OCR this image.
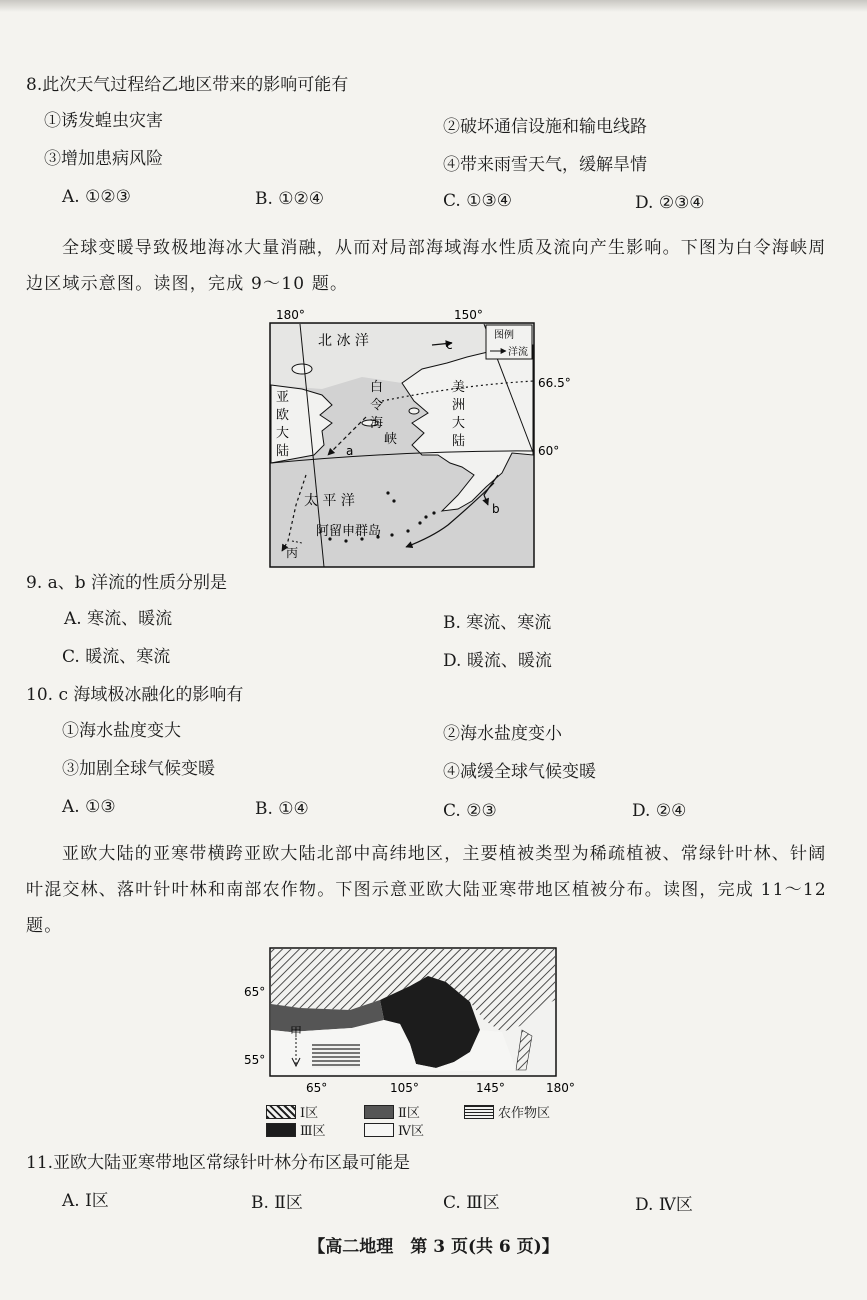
8.此次天气过程给乙地区带来的影响可能有
①诱发蝗虫灾害	②破坏通信设施和输电线路
③增加患病风险	④带来雨雪天气，缓解旱情
A. ①②③	B. ①②④	C. ①③④	D. ②③④
全球变暖导致极地海冰大量消融，从而对局部海域海水性质及流向产生影响。下图为白令海峡周边区域示意图。读图，完成 9～10 题。
图例
洋流
180°	150°
66.5°
60°
北 冰 洋	c
白
令
海
峡
美
洲
大
陆
亚
欧
大
陆	a
太 平 洋	b
阿留申群岛
丙
9. a、b 洋流的性质分别是
A. 寒流、暖流	B. 寒流、寒流
C. 暖流、寒流	D. 暖流、暖流
10. c 海域极冰融化的影响有
①海水盐度变大	②海水盐度变小
③加剧全球气候变暖	④减缓全球气候变暖
A. ①③	B. ①④	C. ②③	D. ②④
亚欧大陆的亚寒带横跨亚欧大陆北部中高纬地区，主要植被类型为稀疏植被、常绿针叶林、针阔叶混交林、落叶针叶林和南部农作物。下图示意亚欧大陆亚寒带地区植被分布。读图，完成 11～12 题。
甲
65°
55°
65°	105°	145°	180°
Ⅰ区	Ⅱ区	农作物区
Ⅲ区	Ⅳ区
11.亚欧大陆亚寒带地区常绿针叶林分布区最可能是
A. Ⅰ区	B. Ⅱ区	C. Ⅲ区	D. Ⅳ区
【高二地理　第 3 页(共 6 页)】
